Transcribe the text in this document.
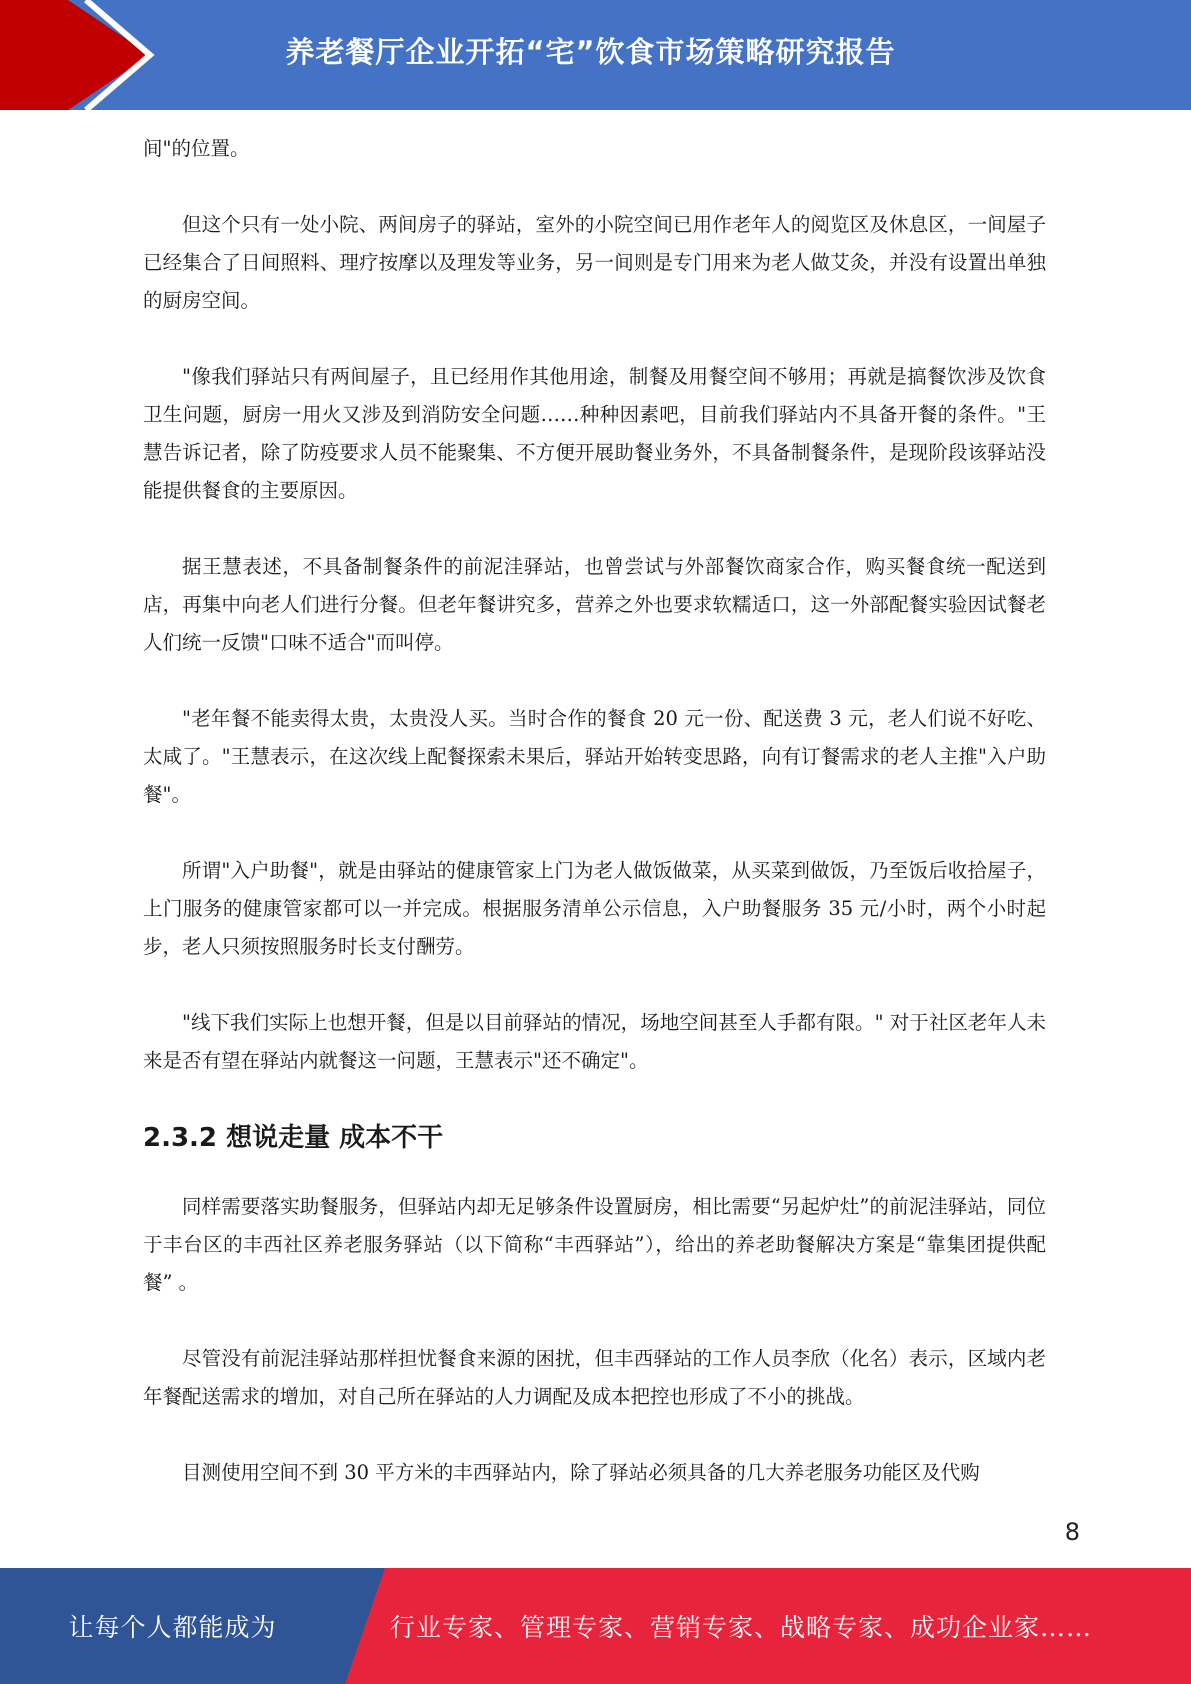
养老餐厅企业开拓“宅”饮食市场策略研究报告

间"的位置。

但这个只有一处小院、两间房子的驿站，室外的小院空间已用作老年人的阅览区及休息区，一间屋子已经集合了日间照料、理疗按摩以及理发等业务，另一间则是专门用来为老人做艾灸，并没有设置出单独的厨房空间。

"像我们驿站只有两间屋子，且已经用作其他用途，制餐及用餐空间不够用；再就是搞餐饮涉及饮食卫生问题，厨房一用火又涉及到消防安全问题……种种因素吧，目前我们驿站内不具备开餐的条件。"王慧告诉记者，除了防疫要求人员不能聚集、不方便开展助餐业务外，不具备制餐条件，是现阶段该驿站没能提供餐食的主要原因。

据王慧表述，不具备制餐条件的前泥洼驿站，也曾尝试与外部餐饮商家合作，购买餐食统一配送到店，再集中向老人们进行分餐。但老年餐讲究多，营养之外也要求软糯适口，这一外部配餐实验因试餐老人们统一反馈"口味不适合"而叫停。

"老年餐不能卖得太贵，太贵没人买。当时合作的餐食 20 元一份、配送费 3 元，老人们说不好吃、太咸了。"王慧表示，在这次线上配餐探索未果后，驿站开始转变思路，向有订餐需求的老人主推"入户助餐"。

所谓"入户助餐"，就是由驿站的健康管家上门为老人做饭做菜，从买菜到做饭，乃至饭后收拾屋子，上门服务的健康管家都可以一并完成。根据服务清单公示信息，入户助餐服务 35 元/小时，两个小时起步，老人只须按照服务时长支付酬劳。

"线下我们实际上也想开餐，但是以目前驿站的情况，场地空间甚至人手都有限。" 对于社区老年人未来是否有望在驿站内就餐这一问题，王慧表示"还不确定"。

2.3.2 想说走量 成本不干

同样需要落实助餐服务，但驿站内却无足够条件设置厨房，相比需要“另起炉灶”的前泥洼驿站，同位于丰台区的丰西社区养老服务驿站（以下简称“丰西驿站”），给出的养老助餐解决方案是“靠集团提供配餐” 。

尽管没有前泥洼驿站那样担忧餐食来源的困扰，但丰西驿站的工作人员李欣（化名）表示，区域内老年餐配送需求的增加，对自己所在驿站的人力调配及成本把控也形成了不小的挑战。

目测使用空间不到 30 平方米的丰西驿站内，除了驿站必须具备的几大养老服务功能区及代购

8
让每个人都能成为	行业专家、管理专家、营销专家、战略专家、成功企业家……
